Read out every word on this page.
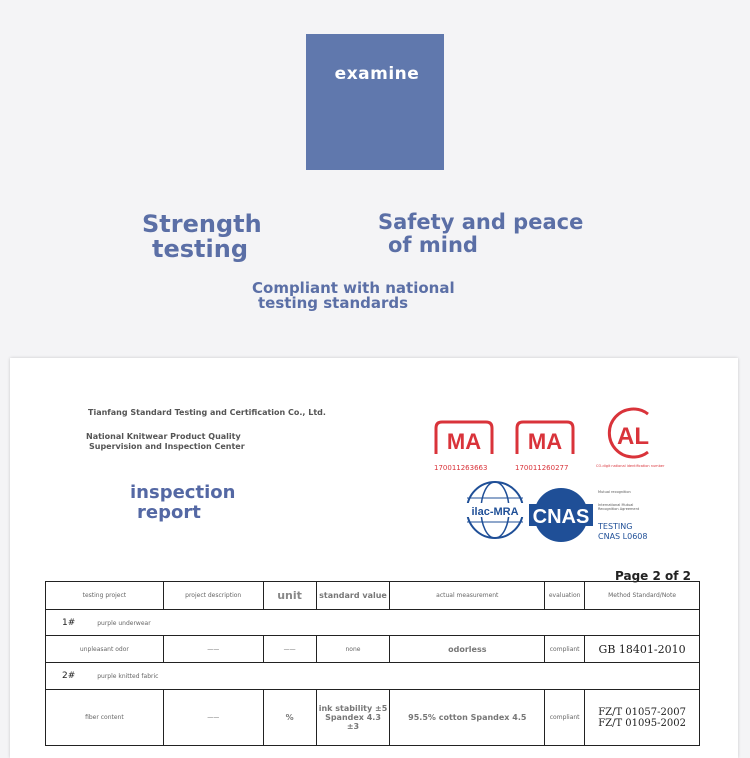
examine
Strength
testing
Safety and peace
of mind
Compliant with national
testing standards
Tianfang Standard Testing and Certification Co., Ltd.
National Knitwear Product Quality
Supervision and Inspection Center
inspection
report
MA
170011263663
MA
170011260277
AL
CO-digit national identification number
ilac-MRA CNAS
Mutual recognition
International Mutual Recognition Agreement
TESTING
CNAS L0608
Page 2 of 2
testing project	project description	unit	standard value	actual measurement	evaluation	Method Standard/Note
1# purple underwear						
unpleasant odor	——	——	none	odorless	compliant	GB 18401-2010
2# purple knitted fabric						
fiber content	——	%	ink stability ±5 Spandex 4.3 ±3	95.5% cotton Spandex 4.5	compliant	FZ/T 01057-2007 FZ/T 01095-2002
